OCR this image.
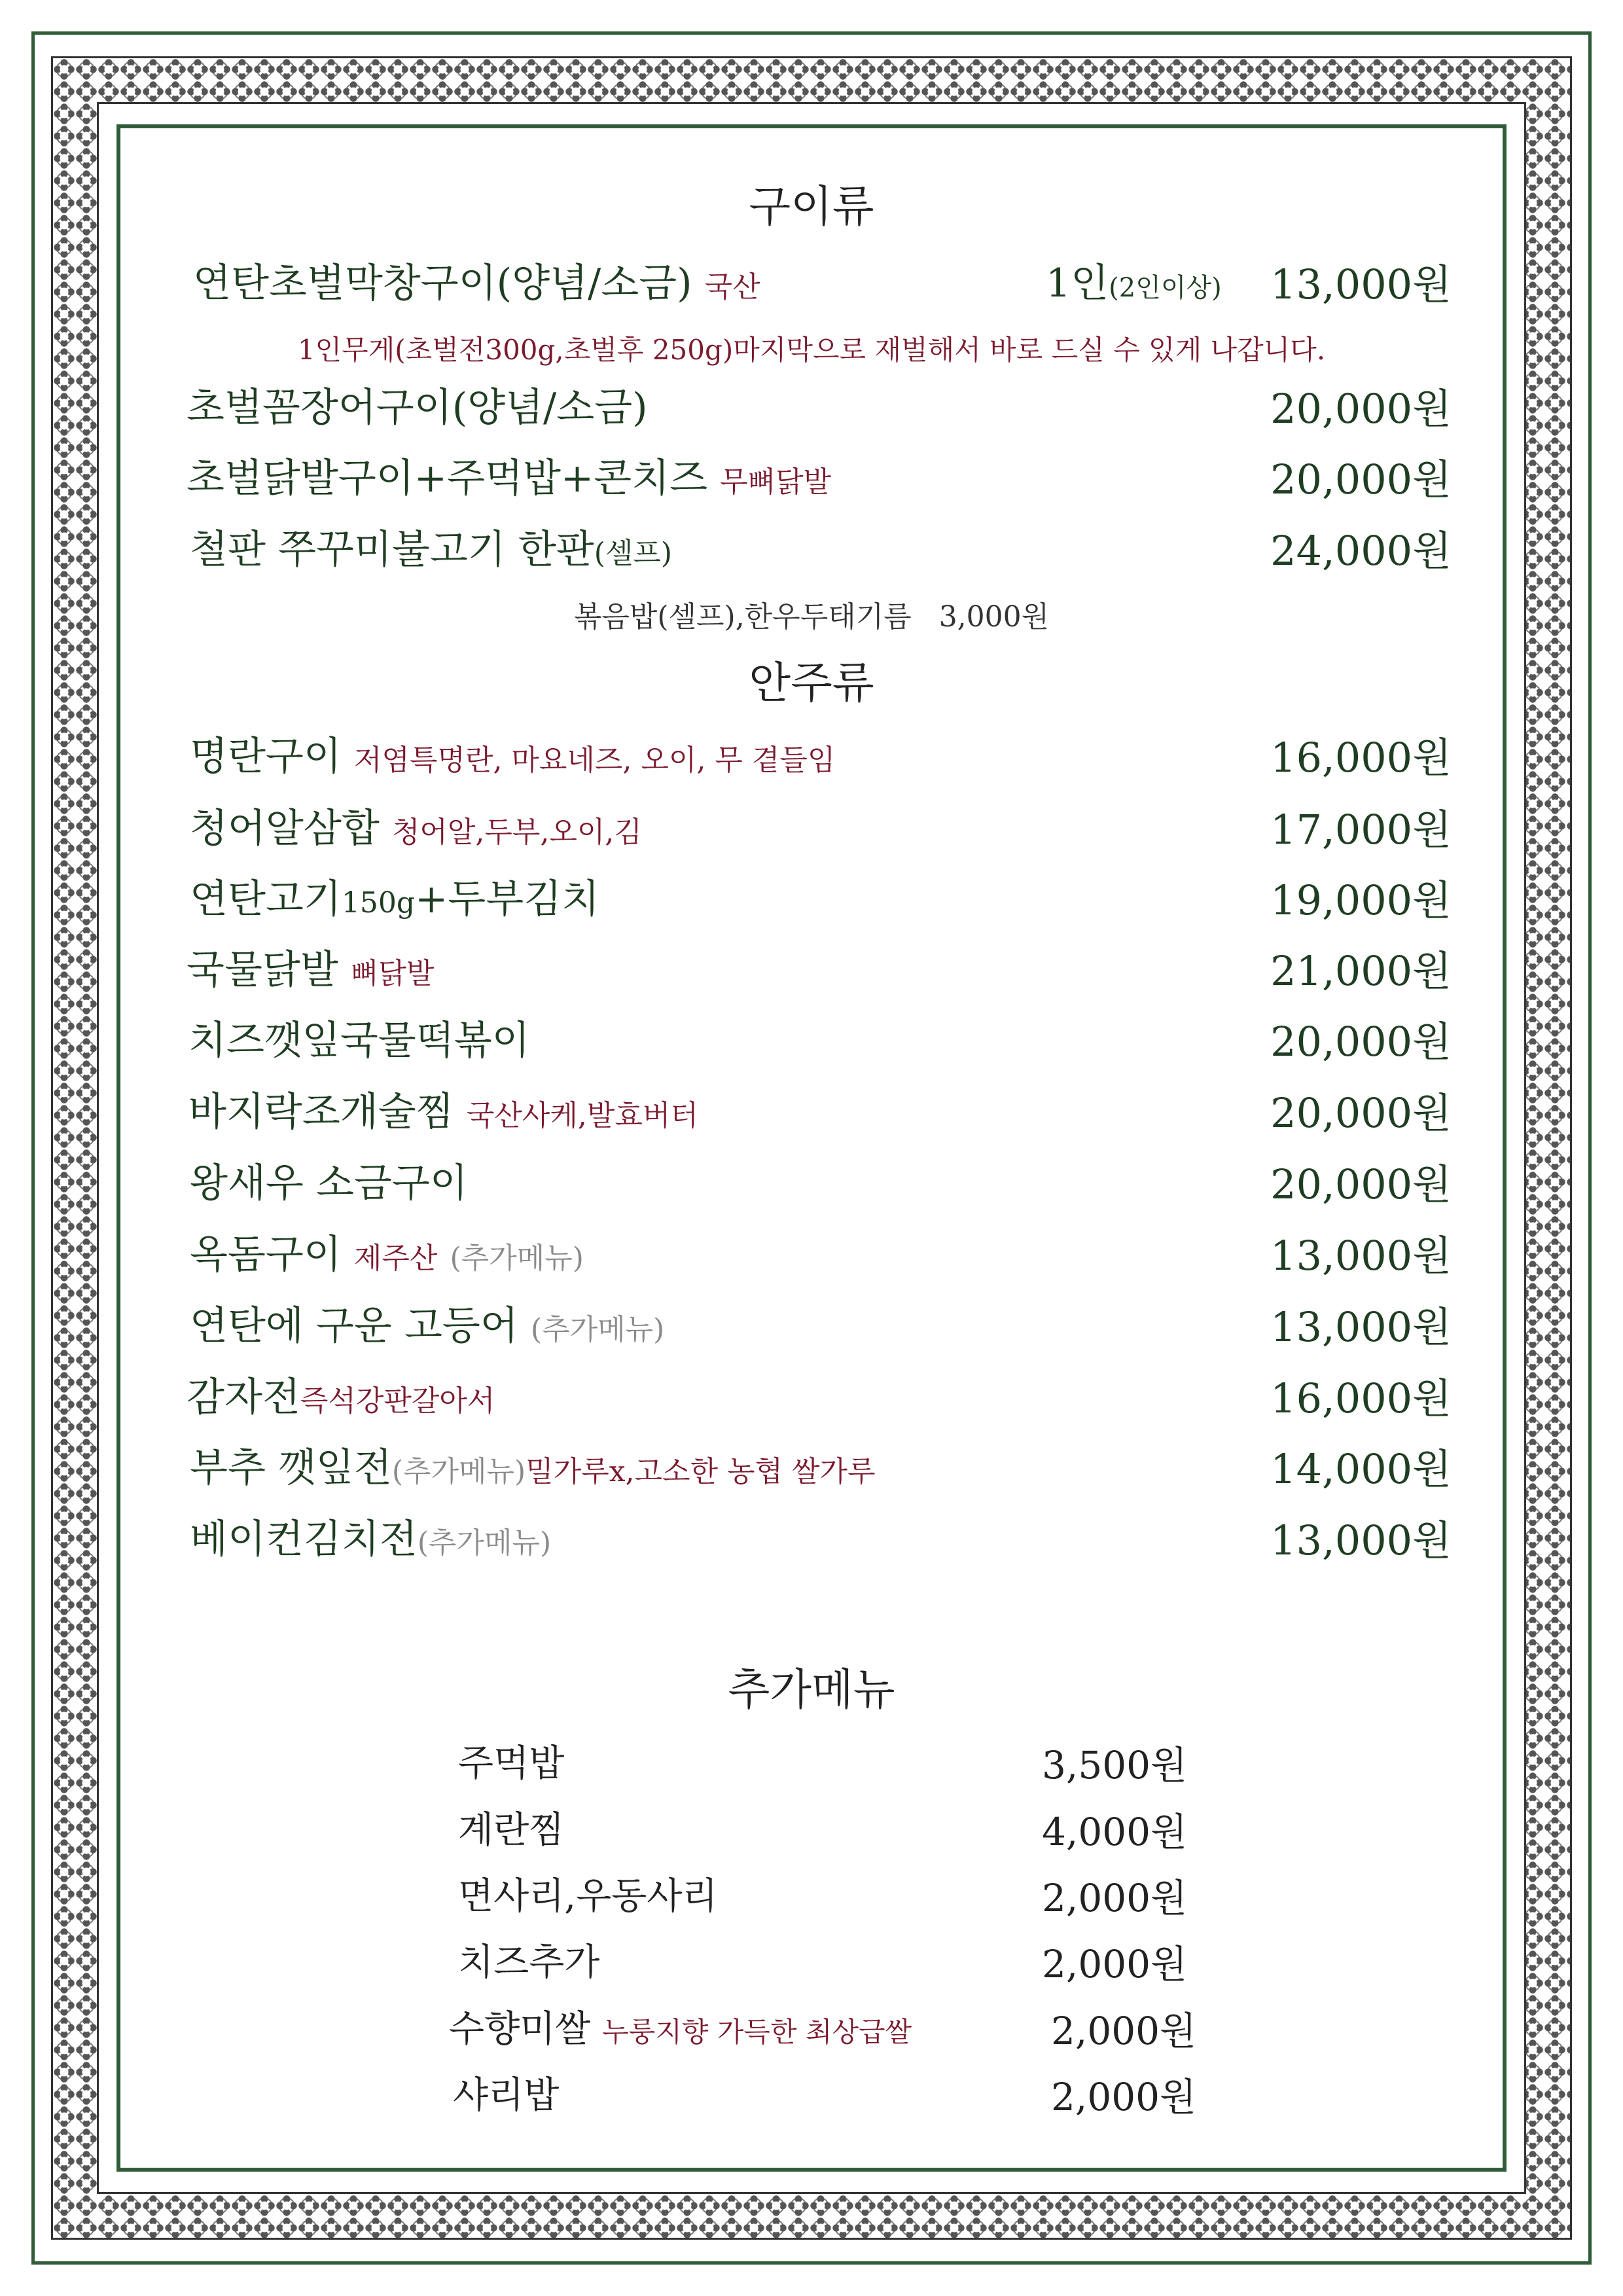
구이류
연탄초벌막창구이(양념/소금) 국산	1인(2인이상) 13,000원
1인무게(초벌전300g,초벌후 250g)마지막으로 재벌해서 바로 드실 수 있게 나갑니다.
초벌꼼장어구이(양념/소금)	20,000원
초벌닭발구이+주먹밥+콘치즈 무뼈닭발	20,000원
철판 쭈꾸미불고기 한판(셀프)	24,000원
볶음밥(셀프),한우두태기름 3,000원
안주류
명란구이 저염특명란, 마요네즈, 오이, 무 곁들임	16,000원
청어알삼합 청어알,두부,오이,김	17,000원
연탄고기150g+두부김치	19,000원
국물닭발 뼈닭발	21,000원
치즈깻잎국물떡볶이	20,000원
바지락조개술찜 국산사케,발효버터	20,000원
왕새우 소금구이	20,000원
옥돔구이 제주산 (추가메뉴)	13,000원
연탄에 구운 고등어 (추가메뉴)	13,000원
감자전즉석강판갈아서	16,000원
부추 깻잎전(추가메뉴)밀가루x,고소한 농협 쌀가루	14,000원
베이컨김치전(추가메뉴)	13,000원
추가메뉴
주먹밥	3,500원
계란찜	4,000원
면사리,우동사리	2,000원
치즈추가	2,000원
수향미쌀 누룽지향 가득한 최상급쌀	2,000원
샤리밥	2,000원
